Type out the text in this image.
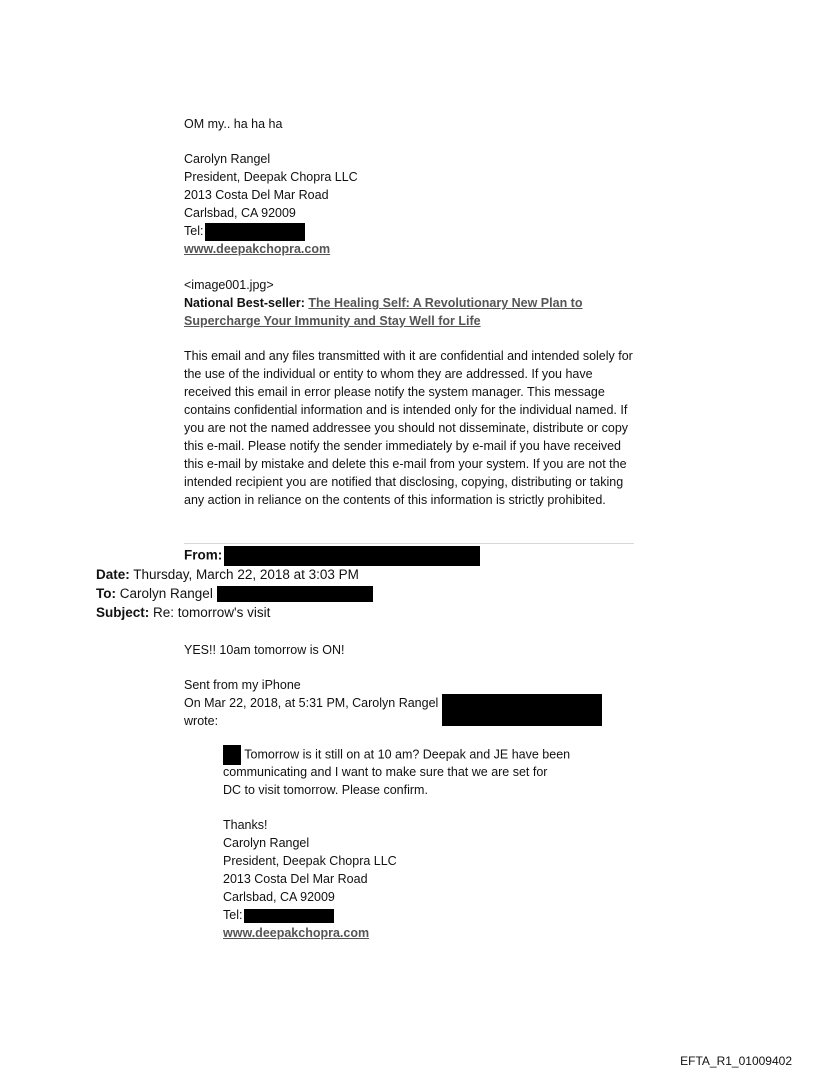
OM my.. ha ha ha
Carolyn Rangel
President, Deepak Chopra LLC
2013 Costa Del Mar Road
Carlsbad, CA 92009
Tel:
www.deepakchopra.com
<image001.jpg>
National Best-seller: The Healing Self: A Revolutionary New Plan to
Supercharge Your Immunity and Stay Well for Life
This email and any files transmitted with it are confidential and intended solely for the use of the individual or entity to whom they are addressed. If you have received this email in error please notify the system manager. This message contains confidential information and is intended only for the individual named. If you are not the named addressee you should not disseminate, distribute or copy this e-mail. Please notify the sender immediately by e-mail if you have received this e-mail by mistake and delete this e-mail from your system. If you are not the intended recipient you are notified that disclosing, copying, distributing or taking any action in reliance on the contents of this information is strictly prohibited.
From:
Date: Thursday, March 22, 2018 at 3:03 PM
To: Carolyn Rangel
Subject: Re: tomorrow's visit
YES!! 10am tomorrow is ON!
Sent from my iPhone
On Mar 22, 2018, at 5:31 PM, Carolyn Rangel
wrote:
Tomorrow is it still on at 10 am? Deepak and JE have been
communicating and I want to make sure that we are set for
DC to visit tomorrow. Please confirm.
Thanks!
Carolyn Rangel
President, Deepak Chopra LLC
2013 Costa Del Mar Road
Carlsbad, CA 92009
Tel:
www.deepakchopra.com
EFTA_R1_01009402
